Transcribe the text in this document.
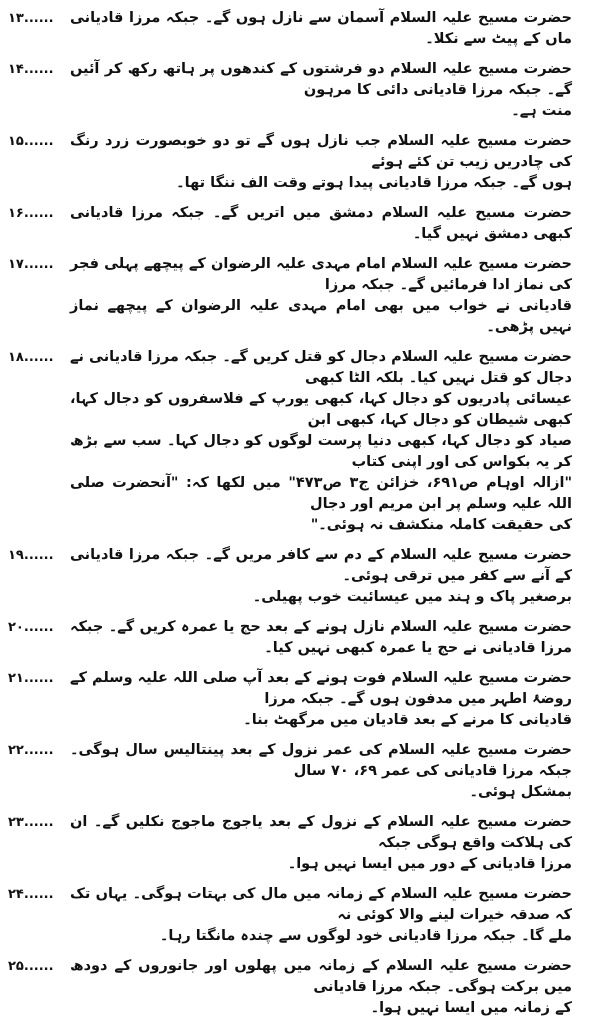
حضرت مسیح علیہ السلام آسمان سے نازل ہوں گے۔ جبکہ مرزا قادیانی ماں کے پیٹ سے نکلا۔
۱۳......
حضرت مسیح علیہ السلام دو فرشتوں کے کندھوں پر ہاتھ رکھ کر آئیں گے۔ جبکہ مرزا قادیانی دائی کا مرہون
منت ہے۔
۱۴......
حضرت مسیح علیہ السلام جب نازل ہوں گے تو دو خوبصورت زرد رنگ کی چادریں زیب تن کئے ہوئے
ہوں گے۔ جبکہ مرزا قادیانی پیدا ہوتے وقت الف ننگا تھا۔
۱۵......
حضرت مسیح علیہ السلام دمشق میں اتریں گے۔ جبکہ مرزا قادیانی کبھی دمشق نہیں گیا۔
۱۶......
حضرت مسیح علیہ السلام امام مہدی علیہ الرضوان کے پیچھے پہلی فجر کی نماز ادا فرمائیں گے۔ جبکہ مرزا
قادیانی نے خواب میں بھی امام مہدی علیہ الرضوان کے پیچھے نماز نہیں پڑھی۔
۱۷......
حضرت مسیح علیہ السلام دجال کو قتل کریں گے۔ جبکہ مرزا قادیانی نے دجال کو قتل نہیں کیا۔ بلکہ الٹا کبھی
عیسائی پادریوں کو دجال کہا، کبھی یورپ کے فلاسفروں کو دجال کہا، کبھی شیطان کو دجال کہا، کبھی ابن
صیاد کو دجال کہا، کبھی دنیا پرست لوگوں کو دجال کہا۔ سب سے بڑھ کر یہ بکواس کی اور اپنی کتاب
"ازالہ اوہام ص۶۹۱، خزائن ج۳ ص۴۷۳" میں لکھا کہ: "آنحضرت صلی اللہ علیہ وسلم پر ابن مریم اور دجال
کی حقیقت کاملہ منکشف نہ ہوئی۔"
۱۸......
حضرت مسیح علیہ السلام کے دم سے کافر مریں گے۔ جبکہ مرزا قادیانی کے آنے سے کفر میں ترقی ہوئی۔
برصغیر پاک و ہند میں عیسائیت خوب پھیلی۔
۱۹......
حضرت مسیح علیہ السلام نازل ہونے کے بعد حج یا عمرہ کریں گے۔ جبکہ مرزا قادیانی نے حج یا عمرہ کبھی نہیں کیا۔
۲۰......
حضرت مسیح علیہ السلام فوت ہونے کے بعد آپ صلی اللہ علیہ وسلم کے روضۂ اطہر میں مدفون ہوں گے۔ جبکہ مرزا
قادیانی کا مرنے کے بعد قادیان میں مرگھٹ بنا۔
۲۱......
حضرت مسیح علیہ السلام کی عمر نزول کے بعد پینتالیس سال ہوگی۔ جبکہ مرزا قادیانی کی عمر ۶۹، ۷۰ سال
بمشکل ہوئی۔
۲۲......
حضرت مسیح علیہ السلام کے نزول کے بعد یاجوج ماجوج نکلیں گے۔ ان کی ہلاکت واقع ہوگی جبکہ
مرزا قادیانی کے دور میں ایسا نہیں ہوا۔
۲۳......
حضرت مسیح علیہ السلام کے زمانہ میں مال کی بہتات ہوگی۔ یہاں تک کہ صدقہ خیرات لینے والا کوئی نہ
ملے گا۔ جبکہ مرزا قادیانی خود لوگوں سے چندہ مانگتا رہا۔
۲۴......
حضرت مسیح علیہ السلام کے زمانہ میں پھلوں اور جانوروں کے دودھ میں برکت ہوگی۔ جبکہ مرزا قادیانی
کے زمانہ میں ایسا نہیں ہوا۔
۲۵......
